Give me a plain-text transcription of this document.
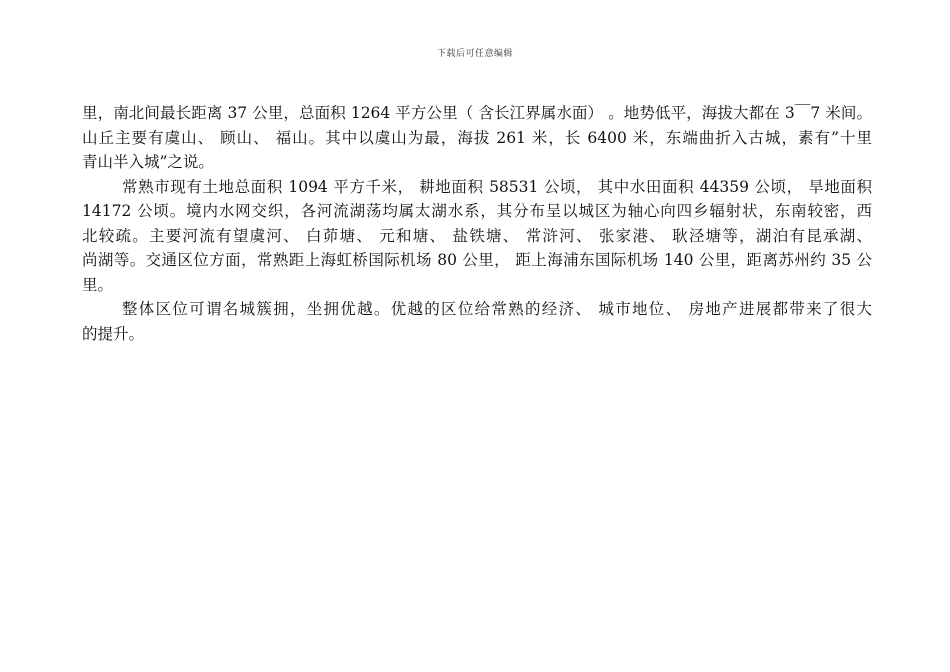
下载后可任意编辑
里，南北间最长距离 37 公里，总面积 1264 平方公里（ 含长江界属水面） 。地势低平，海拔大都在 3￣7 米间。
山丘主要有虞山、 顾山、 福山。其中以虞山为最，海拔 261 米，长 6400 米，东端曲折入古城，素有”十里
青山半入城”之说。
常熟市现有土地总面积 1094 平方千米， 耕地面积 58531 公顷， 其中水田面积 44359 公顷， 旱地面积
14172 公顷。境内水网交织，各河流湖荡均属太湖水系，其分布呈以城区为轴心向四乡辐射状，东南较密，西
北较疏。主要河流有望虞河、 白茆塘、 元和塘、 盐铁塘、 常浒河、 张家港、 耿泾塘等，湖泊有昆承湖、
尚湖等。交通区位方面，常熟距上海虹桥国际机场 80 公里， 距上海浦东国际机场 140 公里，距离苏州约 35 公
里。
整体区位可谓名城簇拥，坐拥优越。优越的区位给常熟的经济、 城市地位、 房地产进展都带来了很大
的提升。
